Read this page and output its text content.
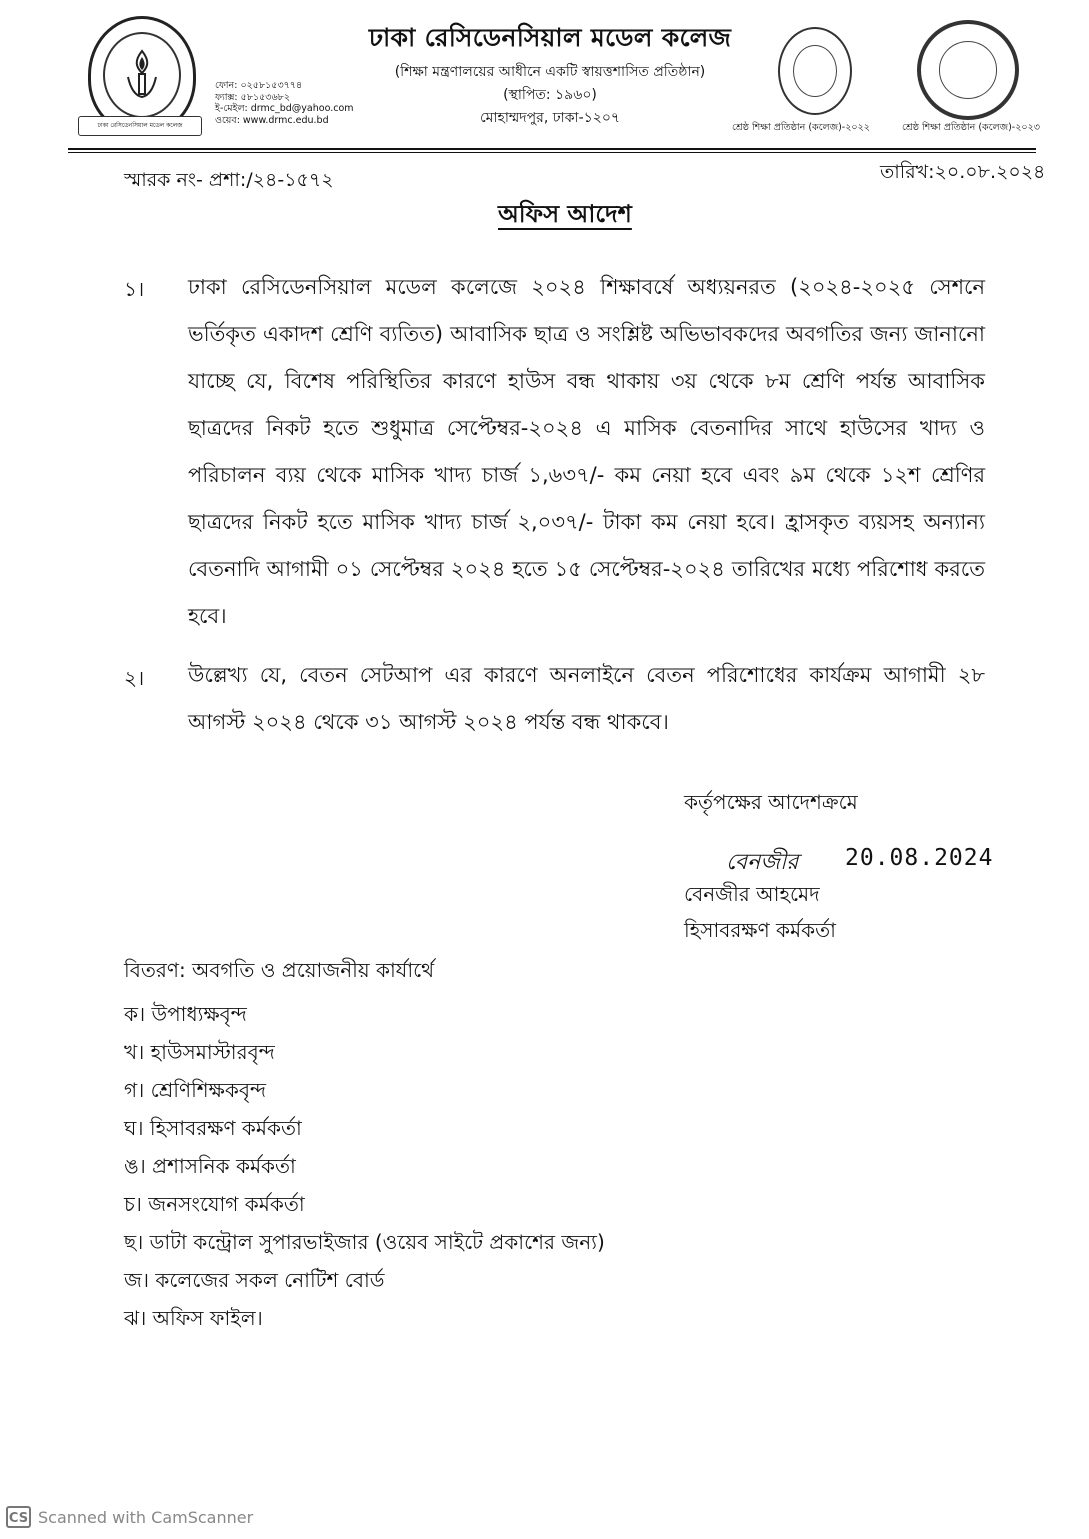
ঢাকা রেসিডেনসিয়াল মডেল কলেজ
ফোন: ০২৫৮১৫৩৭৭৪
ফ্যাক্স: ৫৮১৫৩৬৮২
ই-মেইল: drmc_bd@yahoo.com
ওয়েব: www.drmc.edu.bd
ঢাকা রেসিডেনসিয়াল মডেল কলেজ
(শিক্ষা মন্ত্রণালয়ের আধীনে একটি স্বায়ত্তশাসিত প্রতিষ্ঠান)
(স্থাপিত: ১৯৬০)
মোহাম্মদপুর, ঢাকা-১২০৭
শ্রেষ্ঠ শিক্ষা প্রতিষ্ঠান (কলেজ)-২০২২	শ্রেষ্ঠ শিক্ষা প্রতিষ্ঠান (কলেজ)-২০২৩
স্মারক নং- প্রশা:/২৪-১৫৭২	তারিখ:২০.০৮.২০২৪
অফিস আদেশ
১। ঢাকা রেসিডেনসিয়াল মডেল কলেজে ২০২৪ শিক্ষাবর্ষে অধ্যয়নরত (২০২৪-২০২৫ সেশনে ভর্তিকৃত একাদশ শ্রেণি ব্যতিত) আবাসিক ছাত্র ও সংশ্লিষ্ট অভিভাবকদের অবগতির জন্য জানানো যাচ্ছে যে, বিশেষ পরিস্থিতির কারণে হাউস বন্ধ থাকায় ৩য় থেকে ৮ম শ্রেণি পর্যন্ত আবাসিক ছাত্রদের নিকট হতে শুধুমাত্র সেপ্টেম্বর-২০২৪ এ মাসিক বেতনাদির সাথে হাউসের খাদ্য ও পরিচালন ব্যয় থেকে মাসিক খাদ্য চার্জ ১,৬৩৭/- কম নেয়া হবে এবং ৯ম থেকে ১২শ শ্রেণির ছাত্রদের নিকট হতে মাসিক খাদ্য চার্জ ২,০৩৭/- টাকা কম নেয়া হবে। হ্রাসকৃত ব্যয়সহ অন্যান্য বেতনাদি আগামী ০১ সেপ্টেম্বর ২০২৪ হতে ১৫ সেপ্টেম্বর-২০২৪ তারিখের মধ্যে পরিশোধ করতে হবে।
২। উল্লেখ্য যে, বেতন সেটআপ এর কারণে অনলাইনে বেতন পরিশোধের কার্যক্রম আগামী ২৮ আগস্ট ২০২৪ থেকে ৩১ আগস্ট ২০২৪ পর্যন্ত বন্ধ থাকবে।
কর্তৃপক্ষের আদেশক্রমে
বেনজীর 20.08.2024
বেনজীর আহমেদ
হিসাবরক্ষণ কর্মকর্তা
বিতরণ: অবগতি ও প্রয়োজনীয় কার্যার্থে
ক। উপাধ্যক্ষবৃন্দ
খ। হাউসমাস্টারবৃন্দ
গ। শ্রেণিশিক্ষকবৃন্দ
ঘ। হিসাবরক্ষণ কর্মকর্তা
ঙ। প্রশাসনিক কর্মকর্তা
চ। জনসংযোগ কর্মকর্তা
ছ। ডাটা কন্ট্রোল সুপারভাইজার (ওয়েব সাইটে প্রকাশের জন্য)
জ। কলেজের সকল নোটিশ বোর্ড
ঝ। অফিস ফাইল।
CS Scanned with CamScanner
